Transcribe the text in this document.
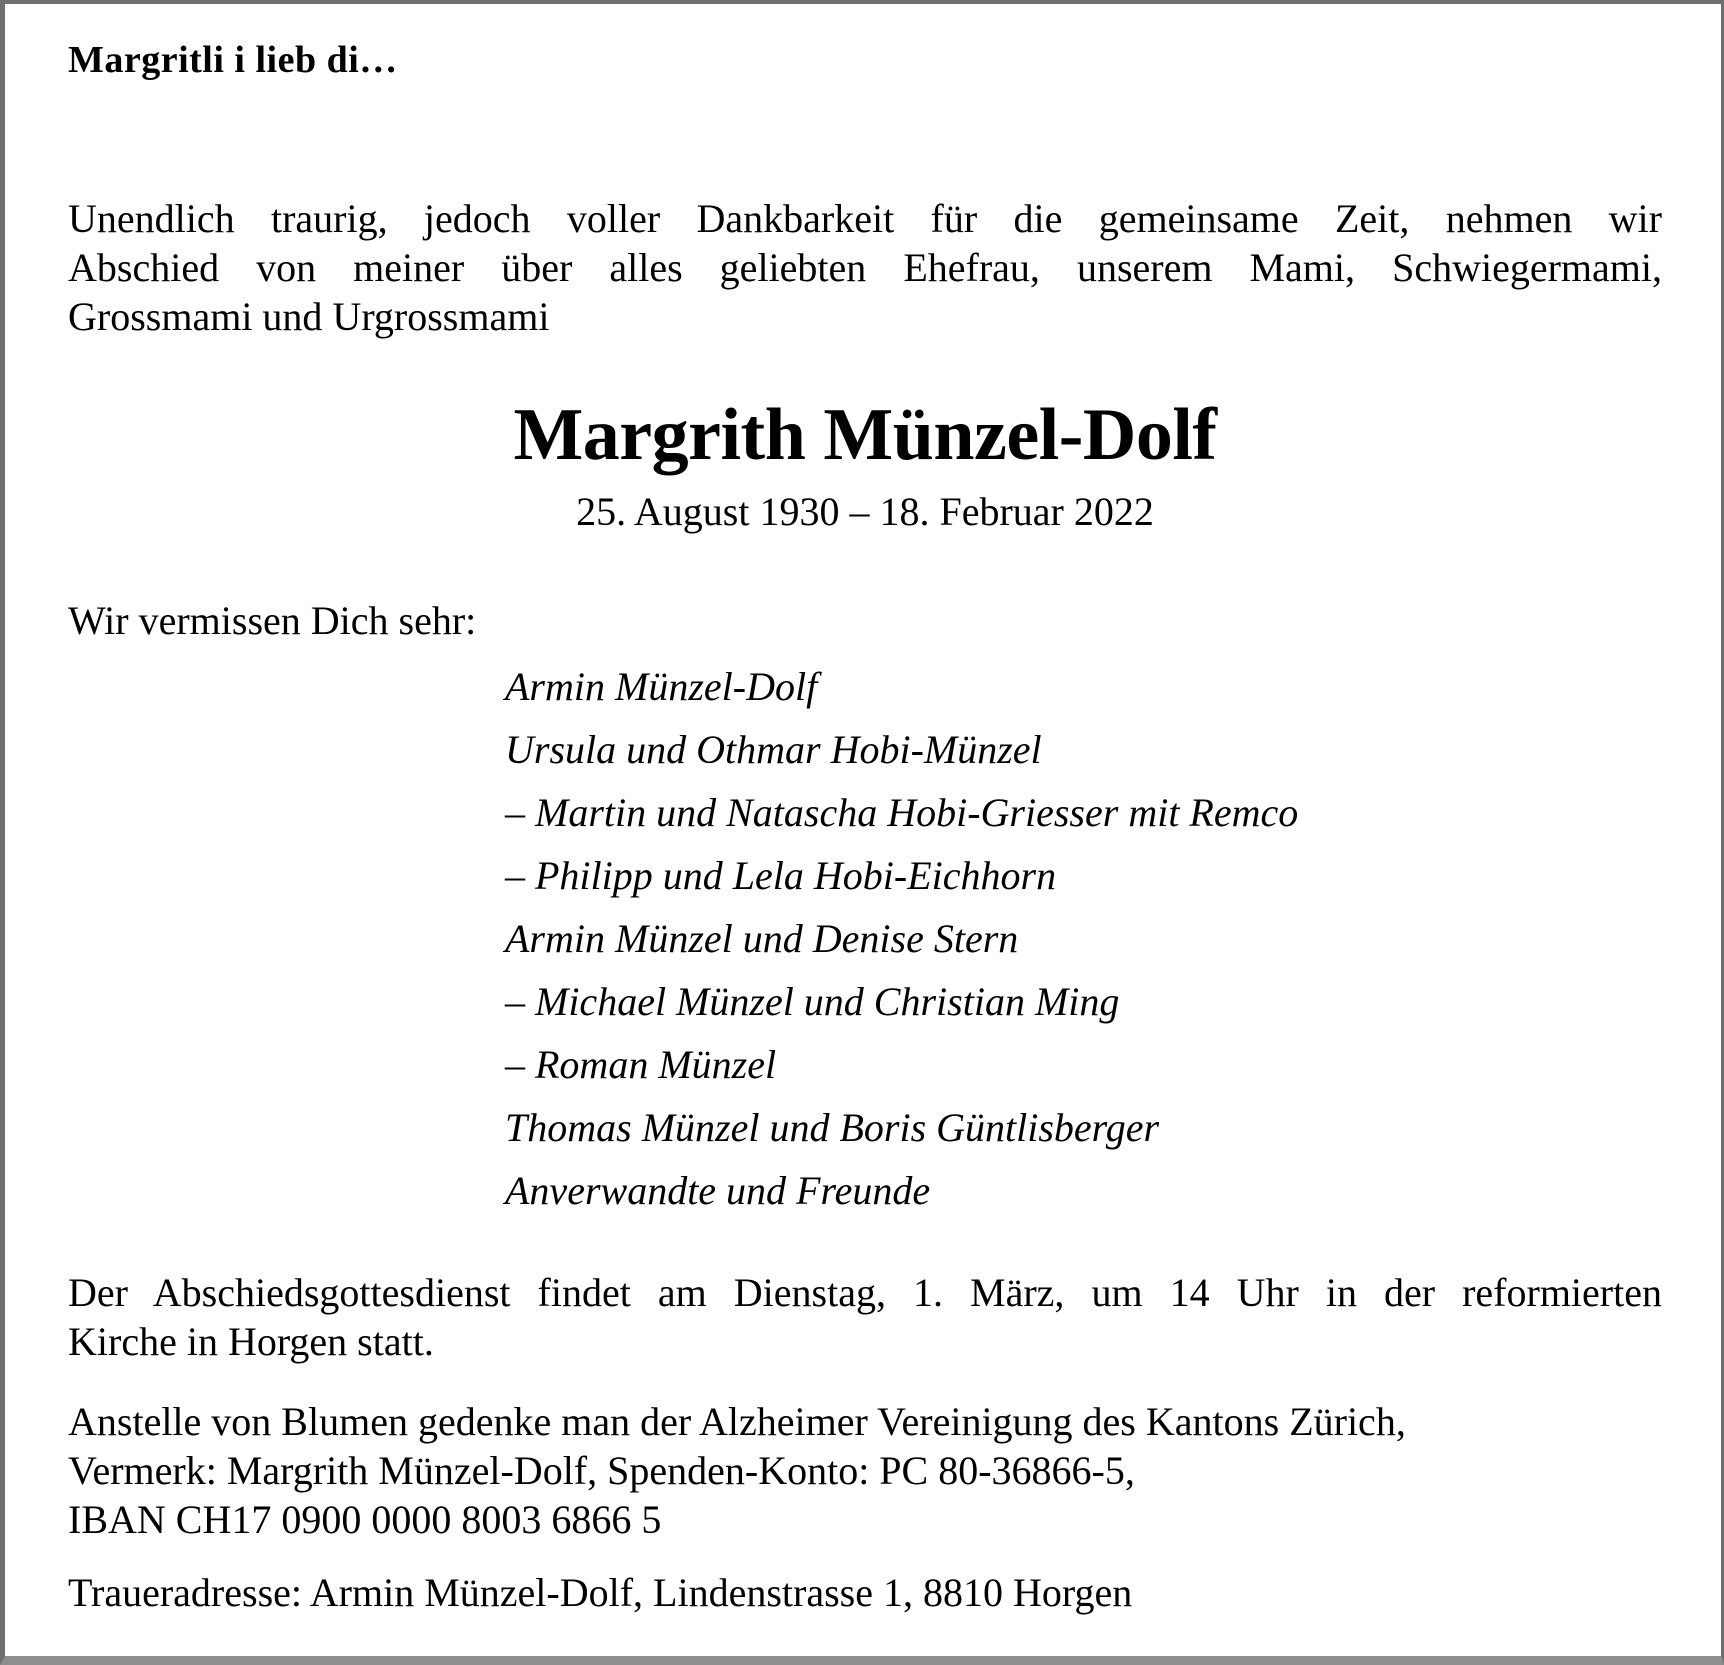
Margritli i lieb di…

Unendlich traurig, jedoch voller Dankbarkeit für die gemeinsame Zeit, nehmen wir
Abschied von meiner über alles geliebten Ehefrau, unserem Mami, Schwiegermami,
Grossmami und Urgrossmami
Margrith Münzel-Dolf
25. August 1930 – 18. Februar 2022
Wir vermissen Dich sehr:
Armin Münzel-Dolf
Ursula und Othmar Hobi-Münzel
– Martin und Natascha Hobi-Griesser mit Remco
– Philipp und Lela Hobi-Eichhorn
Armin Münzel und Denise Stern
– Michael Münzel und Christian Ming
– Roman Münzel
Thomas Münzel und Boris Güntlisberger
Anverwandte und Freunde
Der Abschiedsgottesdienst findet am Dienstag, 1. März, um 14 Uhr in der reformierten
Kirche in Horgen statt.
Anstelle von Blumen gedenke man der Alzheimer Vereinigung des Kantons Zürich,
Vermerk: Margrith Münzel-Dolf, Spenden-Konto: PC 80-36866-5,
IBAN CH17 0900 0000 8003 6866 5
Traueradresse: Armin Münzel-Dolf, Lindenstrasse 1, 8810 Horgen
